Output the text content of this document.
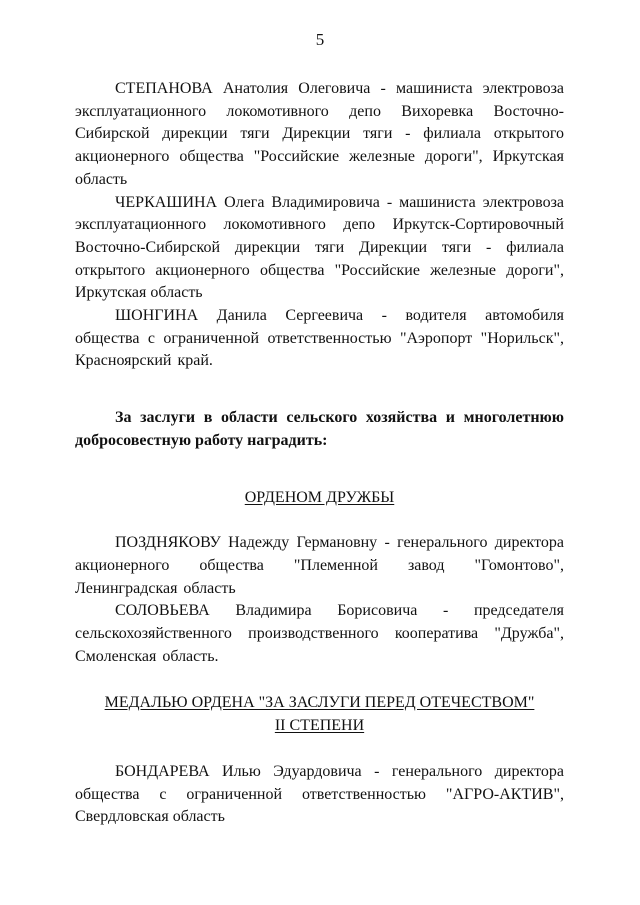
5

СТЕПАНОВА Анатолия Олеговича - машиниста электровоза эксплуатационного локомотивного депо Вихоревка Восточно-Сибирской дирекции тяги Дирекции тяги - филиала открытого акционерного общества "Российские железные дороги", Иркутская область

ЧЕРКАШИНА Олега Владимировича - машиниста электровоза эксплуатационного локомотивного депо Иркутск-Сортировочный Восточно-Сибирской дирекции тяги Дирекции тяги - филиала открытого акционерного общества "Российские железные дороги", Иркутская область

ШОНГИНА Данила Сергеевича - водителя автомобиля общества с ограниченной ответственностью "Аэропорт "Норильск", Красноярский край.

За заслуги в области сельского хозяйства и многолетнюю добросовестную работу наградить:

ОРДЕНОМ ДРУЖБЫ

ПОЗДНЯКОВУ Надежду Германовну - генерального директора акционерного общества "Племенной завод "Гомонтово", Ленинградская область

СОЛОВЬЕВА Владимира Борисовича - председателя сельскохозяйственного производственного кооператива "Дружба", Смоленская область.

МЕДАЛЬЮ ОРДЕНА "ЗА ЗАСЛУГИ ПЕРЕД ОТЕЧЕСТВОМ"

II СТЕПЕНИ

БОНДАРЕВА Илью Эдуардовича - генерального директора общества с ограниченной ответственностью "АГРО-АКТИВ", Свердловская область
